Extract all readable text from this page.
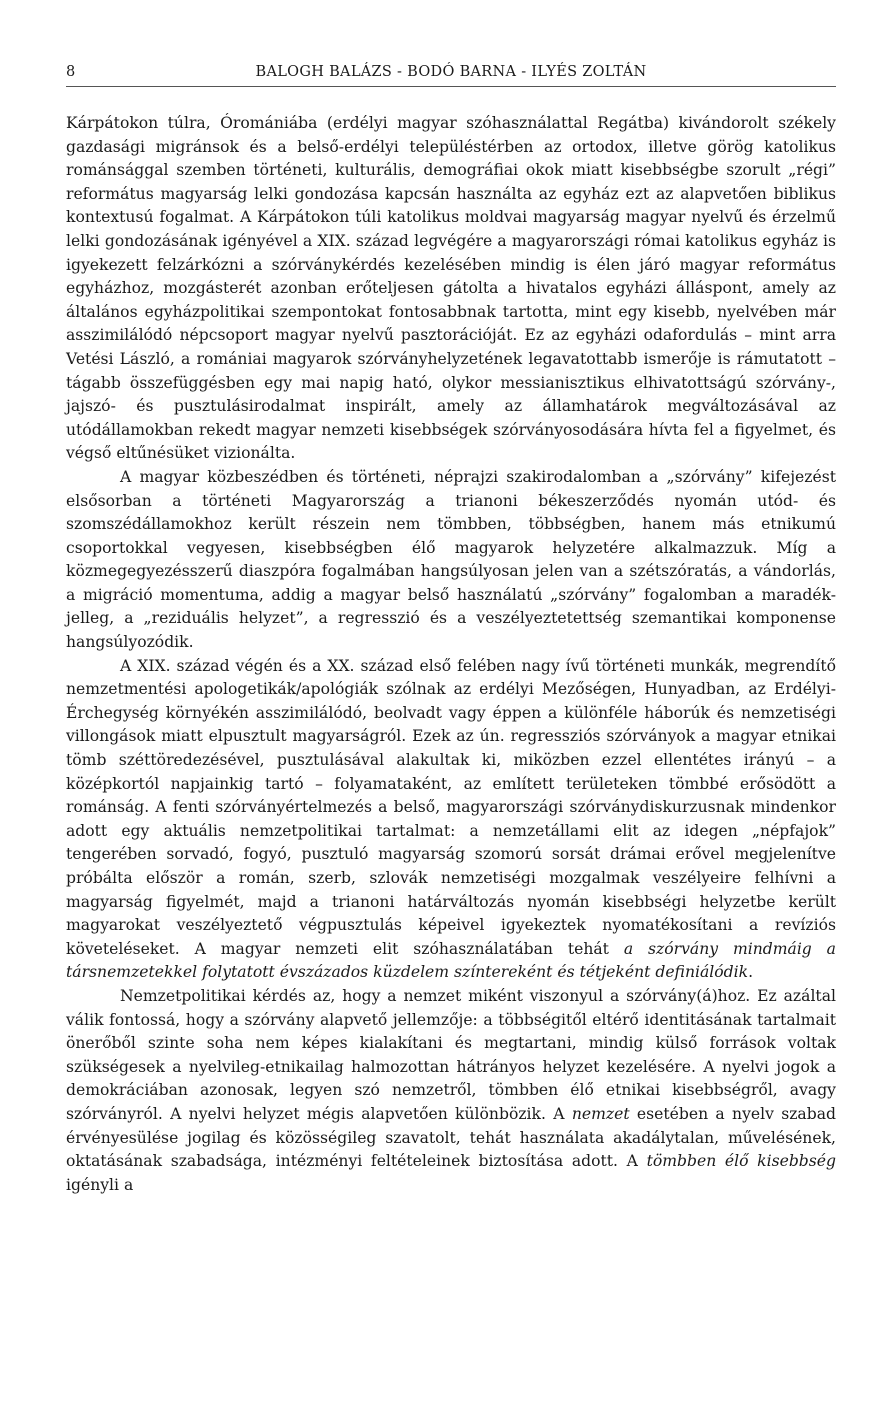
8	BALOGH BALÁZS - BODÓ BARNA - ILYÉS ZOLTÁN

Kárpátokon túlra, Óromániába (erdélyi magyar szóhasználattal Regátba) kivándorolt székely gazdasági migránsok és a belső-erdélyi településtérben az ortodox, illetve görög katolikus románsággal szemben történeti, kulturális, demográfiai okok miatt kisebbségbe szorult „régi” református magyarság lelki gondozása kapcsán használta az egyház ezt az alapvetően biblikus kontextusú fogalmat. A Kárpátokon túli katolikus moldvai magyarság magyar nyelvű és érzelmű lelki gondozásának igényével a XIX. század legvégére a magyarországi római katolikus egyház is igyekezett felzárkózni a szórványkérdés kezelésében mindig is élen járó magyar református egyházhoz, mozgásterét azonban erőteljesen gátolta a hivatalos egyházi álláspont, amely az általános egyházpolitikai szempontokat fontosabbnak tartotta, mint egy kisebb, nyelvében már asszimilálódó népcsoport magyar nyelvű pasztorációját. Ez az egyházi odafordulás – mint arra Vetési László, a romániai magyarok szórványhelyzetének legavatottabb ismerője is rámutatott – tágabb összefüggésben egy mai napig ható, olykor messianisztikus elhivatottságú szórvány-, jajszó- és pusztulásirodalmat inspirált, amely az államhatárok megváltozásával az utódállamokban rekedt magyar nemzeti kisebbségek szórványosodására hívta fel a figyelmet, és végső eltűnésüket vizionálta.

A magyar közbeszédben és történeti, néprajzi szakirodalomban a „szórvány” kifejezést elsősorban a történeti Magyarország a trianoni békeszerződés nyomán utód- és szomszédállamokhoz került részein nem tömbben, többségben, hanem más etnikumú csoportokkal vegyesen, kisebbségben élő magyarok helyzetére alkalmazzuk. Míg a közmegegyezésszerű diaszpóra fogalmában hangsúlyosan jelen van a szétszóratás, a vándorlás, a migráció momentuma, addig a magyar belső használatú „szórvány” fogalomban a maradék-jelleg, a „reziduális helyzet”, a regresszió és a veszélyeztetettség szemantikai komponense hangsúlyozódik.

A XIX. század végén és a XX. század első felében nagy ívű történeti munkák, megrendítő nemzetmentési apologetikák/apológiák szólnak az erdélyi Mezőségen, Hunyadban, az Erdélyi-Érchegység környékén asszimilálódó, beolvadt vagy éppen a különféle háborúk és nemzetiségi villongások miatt elpusztult magyarságról. Ezek az ún. regressziós szórványok a magyar etnikai tömb széttöredezésével, pusztulásával alakultak ki, miközben ezzel ellentétes irányú – a középkortól napjainkig tartó – folyamataként, az említett területeken tömbbé erősödött a románság. A fenti szórványértelmezés a belső, magyarországi szórványdiskurzusnak mindenkor adott egy aktuális nemzetpolitikai tartalmat: a nemzetállami elit az idegen „népfajok” tengerében sorvadó, fogyó, pusztuló magyarság szomorú sorsát drámai erővel megjelenítve próbálta először a román, szerb, szlovák nemzetiségi mozgalmak veszélyeire felhívni a magyarság figyelmét, majd a trianoni határváltozás nyomán kisebbségi helyzetbe került magyarokat veszélyeztető végpusztulás képeivel igyekeztek nyomatékosítani a revíziós követeléseket. A magyar nemzeti elit szóhasználatában tehát a szórvány mindmáig a társnemzetekkel folytatott évszázados küzdelem színtereként és tétjeként definiálódik.

Nemzetpolitikai kérdés az, hogy a nemzet miként viszonyul a szórvány(á)hoz. Ez azáltal válik fontossá, hogy a szórvány alapvető jellemzője: a többségitől eltérő identitásának tartalmait önerőből szinte soha nem képes kialakítani és megtartani, mindig külső források voltak szükségesek a nyelvileg-etnikailag halmozottan hátrányos helyzet kezelésére. A nyelvi jogok a demokráciában azonosak, legyen szó nemzetről, tömbben élő etnikai kisebbségről, avagy szórványról. A nyelvi helyzet mégis alapvetően különbözik. A nemzet esetében a nyelv szabad érvényesülése jogilag és közösségileg szavatolt, tehát használata akadálytalan, művelésének, oktatásának szabadsága, intézményi feltételeinek biztosítása adott. A tömbben élő kisebbség igényli a
